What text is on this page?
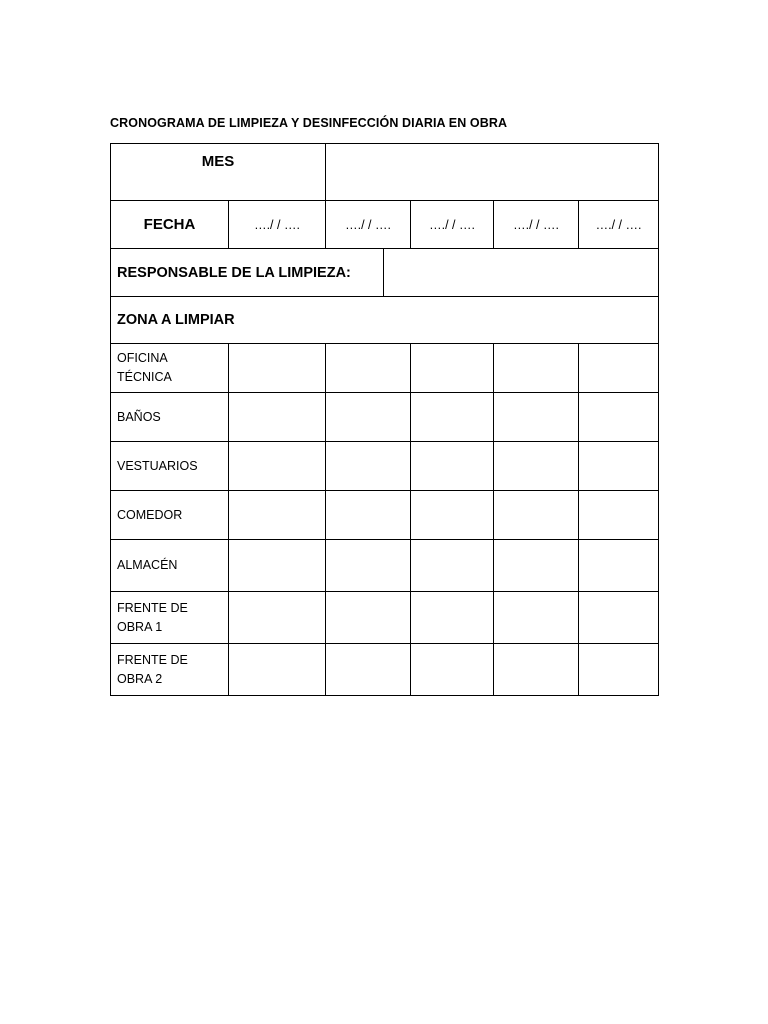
CRONOGRAMA DE LIMPIEZA Y DESINFECCIÓN DIARIA EN OBRA
MES					
FECHA	…./ / ….	…./ / ….	…./ / ….	…./ / ….	…./ / ….

RESPONSABLE DE LA LIMPIEZA:					

ZONA A LIMPIAR					

OFICINA
TÉCNICA					

BAÑOS					

VESTUARIOS					

COMEDOR					

ALMACÉN					

FRENTE DE
OBRA 1					

FRENTE DE
OBRA 2					
